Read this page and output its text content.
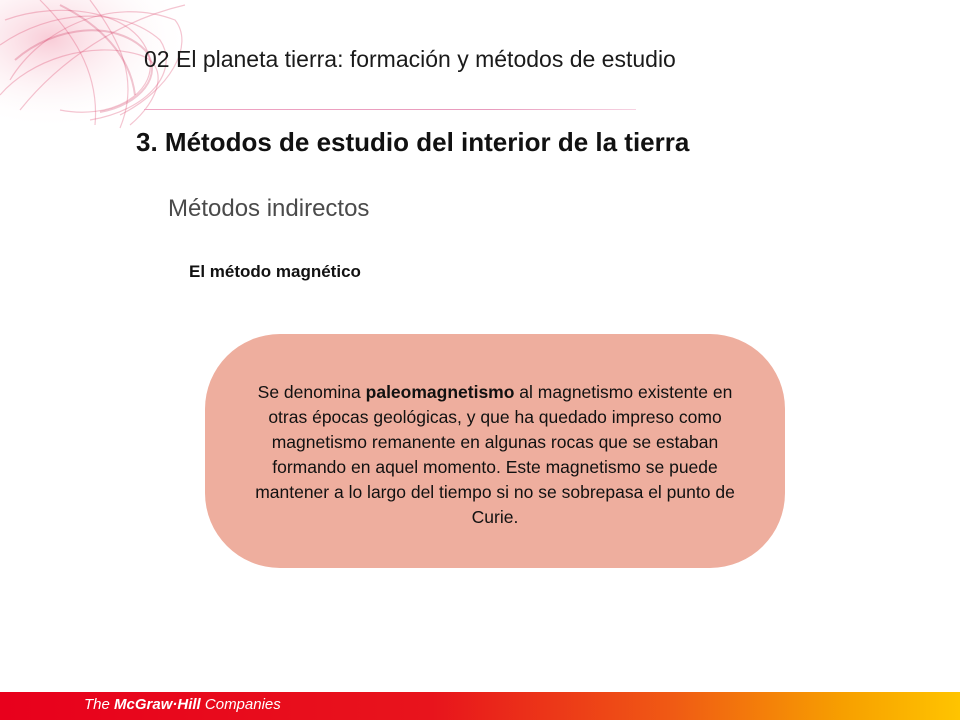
02 El planeta tierra: formación y métodos de estudio
3. Métodos de estudio del interior de la tierra
Métodos indirectos
El método magnético
Se denomina paleomagnetismo al magnetismo existente en otras épocas geológicas, y que ha quedado impreso como magnetismo remanente en algunas rocas que se estaban formando en aquel momento. Este magnetismo se puede mantener a lo largo del tiempo si no se sobrepasa el punto de Curie.
The McGraw·Hill Companies
